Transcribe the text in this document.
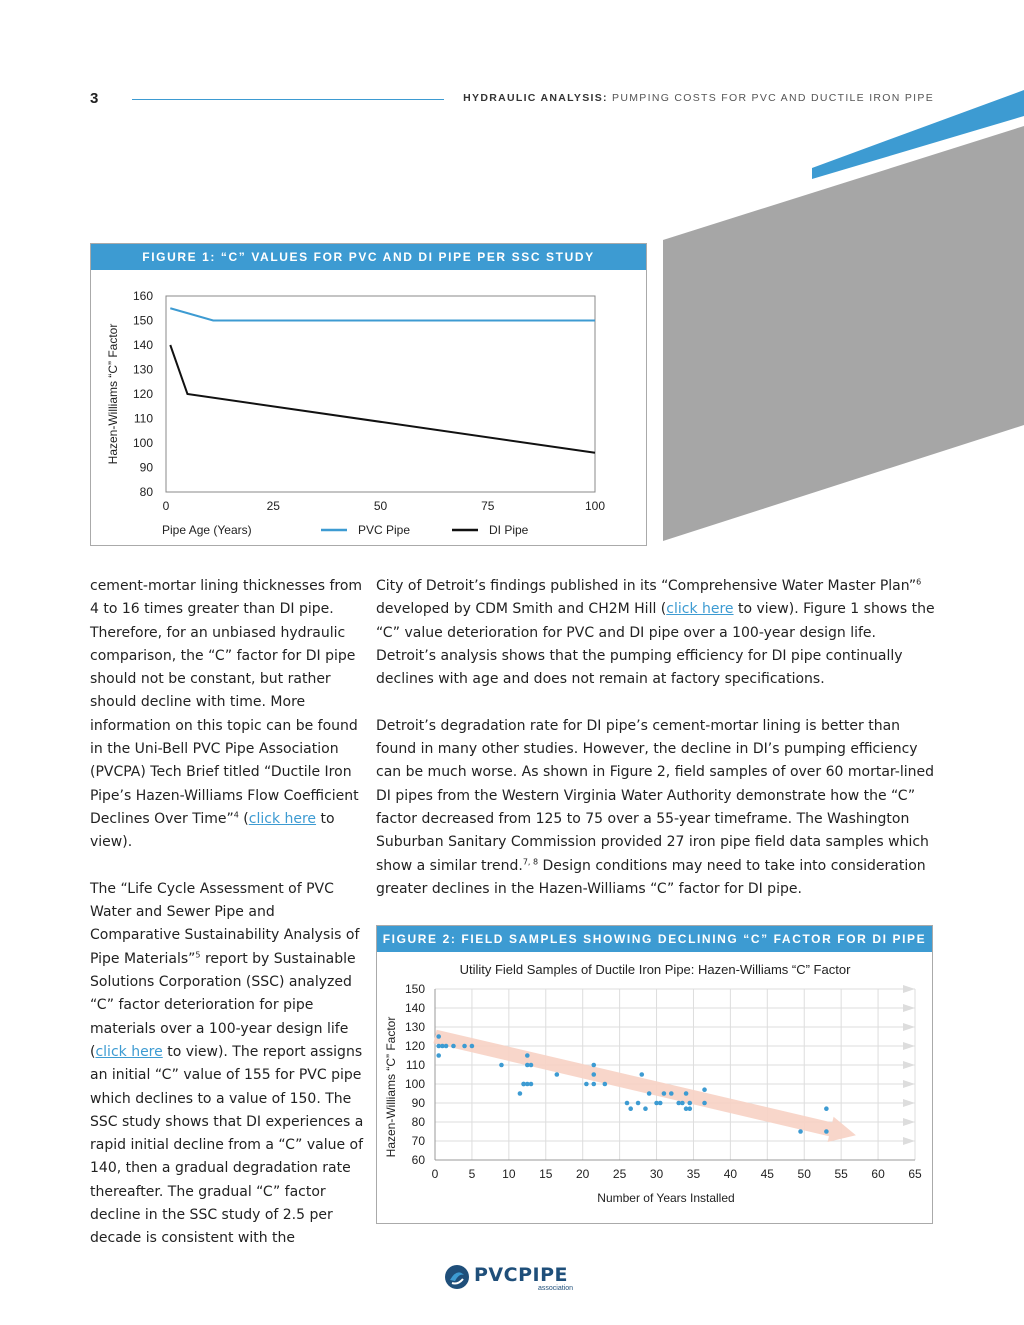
3	HYDRAULIC ANALYSIS: PUMPING COSTS FOR PVC AND DUCTILE IRON PIPE
FIGURE 1: “C” VALUES FOR PVC AND DI PIPE PER SSC STUDY
80
90
100
110
120
130
140
150
160
0	25	50	75	100
Hazen-Williams “C” Factor
Pipe Age (Years)	PVC Pipe	DI Pipe

cement-mortar lining thicknesses from 4 to 16 times greater than DI pipe. Therefore, for an unbiased hydraulic comparison, the “C” factor for DI pipe should not be constant, but rather should decline with time. More information on this topic can be found in the Uni-Bell PVC Pipe Association (PVCPA) Tech Brief titled “Ductile Iron Pipe’s Hazen-Williams Flow Coefficient Declines Over Time”$^4$ (click here to view).

The “Life Cycle Assessment of PVC Water and Sewer Pipe and Comparative Sustainability Analysis of Pipe Materials”$^5$ report by Sustainable Solutions Corporation (SSC) analyzed “C” factor deterioration for pipe materials over a 100-year design life (click here to view). The report assigns an initial “C” value of 155 for PVC pipe which declines to a value of 150. The SSC study shows that DI experiences a rapid initial decline from a “C” value of 140, then a gradual degradation rate thereafter. The gradual “C” factor decline in the SSC study of 2.5 per decade is consistent with the

City of Detroit’s findings published in its “Comprehensive Water Master Plan”$^6$ developed by CDM Smith and CH2M Hill (click here to view). Figure 1 shows the “C” value deterioration for PVC and DI pipe over a 100-year design life. Detroit’s analysis shows that the pumping efficiency for DI pipe continually declines with age and does not remain at factory specifications.

Detroit’s degradation rate for DI pipe’s cement-mortar lining is better than found in many other studies. However, the decline in DI’s pumping efficiency can be much worse. As shown in Figure 2, field samples of over 60 mortar-lined DI pipes from the Western Virginia Water Authority demonstrate how the “C” factor decreased from 125 to 75 over a 55-year timeframe. The Washington Suburban Sanitary Commission provided 27 iron pipe field data samples which show a similar trend.$^{7, 8}$ Design conditions may need to take into consideration greater declines in the Hazen-Williams “C” factor for DI pipe.

FIGURE 2: FIELD SAMPLES SHOWING DECLINING “C” FACTOR FOR DI PIPE
Utility Field Samples of Ductile Iron Pipe: Hazen-Williams “C” Factor
60
70
80
90
100
110
120
130
140
150
0	5 10 15 20 25 30 35 40 45 50 55 60 65
Hazen-Williams “C” Factor
Number of Years Installed
PVCPIPE
association
